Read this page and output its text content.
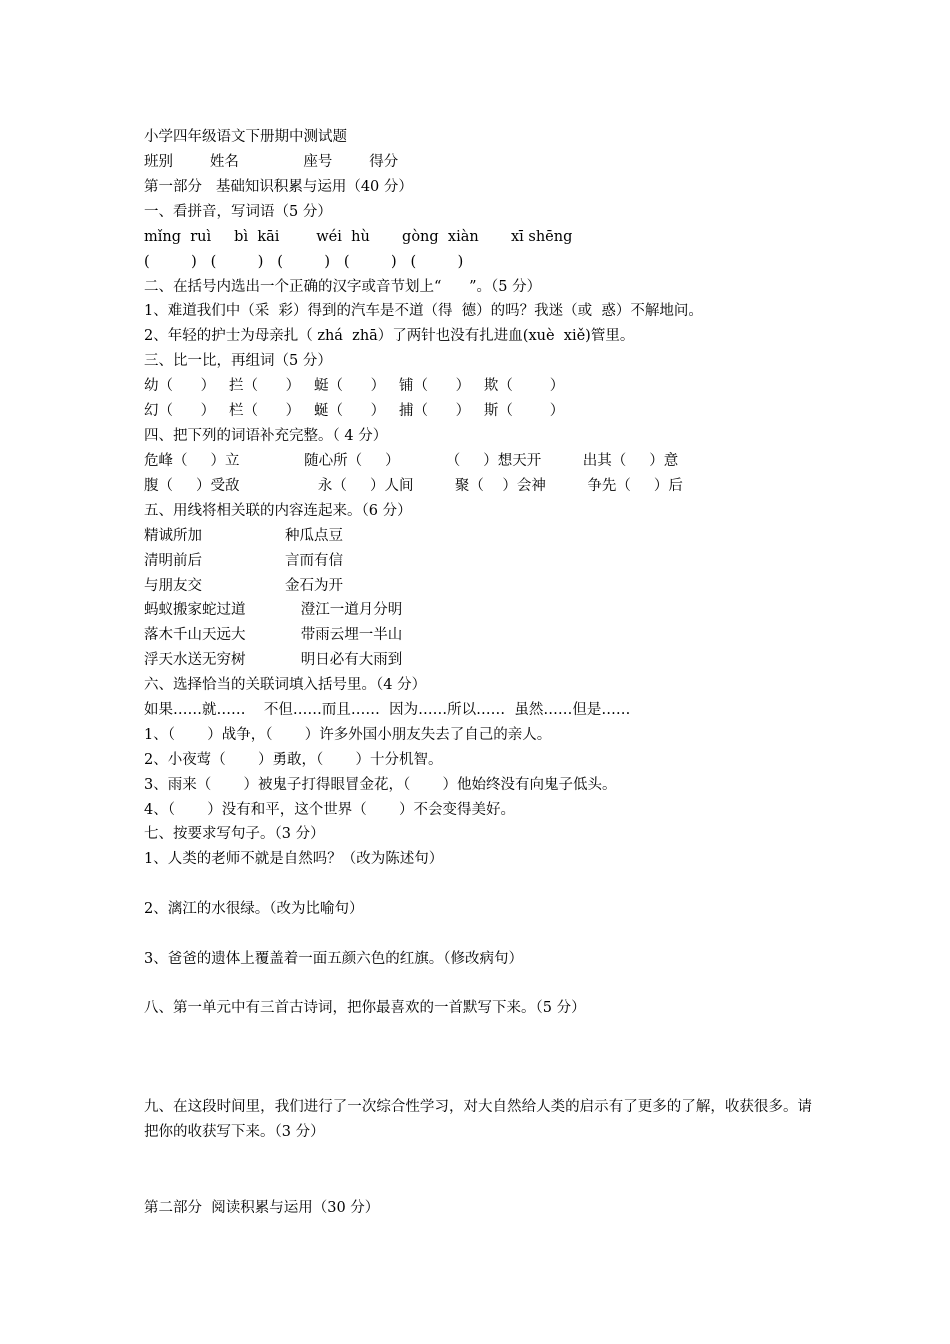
小学四年级语文下册期中测试题
班别        姓名              座号        得分
第一部分   基础知识积累与运用（40 分）
一、看拼音，写词语（5 分）
mǐng  ruì     bì  kāi        wéi  hù       gòng  xiàn       xī shēng
(         )   (         )   (         )   (         )   (         )
二、在括号内选出一个正确的汉字或音节划上“      ”。（5 分）
1、难道我们中（采  彩）得到的汽车是不道（得  德）的吗？我迷（或  惑）不解地问。
2、年轻的护士为母亲扎（ zhá  zhā）了两针也没有扎进血(xuè  xiě)管里。
三、比一比，再组词（5 分）
幼（      ）   拦（      ）   蜓（      ）   铺（      ）   欺（        ）
幻（      ）   栏（      ）   蜒（      ）   捕（      ）   斯（        ）
四、把下列的词语补充完整。（ 4 分）
危峰（     ）立              随心所（     ）          （     ）想天开         出其（     ）意
腹（     ）受敌                 永（     ）人间         聚（    ）会神         争先（     ）后
五、用线将相关联的内容连起来。（6 分）
精诚所加                  种瓜点豆
清明前后                  言而有信
与朋友交                  金石为开
蚂蚁搬家蛇过道            澄江一道月分明
落木千山天远大            带雨云埋一半山
浮天水送无穷树            明日必有大雨到
六、选择恰当的关联词填入括号里。（4 分）
如果……就……    不但……而且……  因为……所以……  虽然……但是……
1、（       ）战争，（       ）许多外国小朋友失去了自己的亲人。
2、小夜莺（       ）勇敢，（       ）十分机智。
3、雨来（       ）被鬼子打得眼冒金花，（       ）他始终没有向鬼子低头。
4、（       ）没有和平，这个世界（       ）不会变得美好。
七、按要求写句子。（3 分）
1、人类的老师不就是自然吗？（改为陈述句）
2、漓江的水很绿。（改为比喻句）
3、爸爸的遗体上覆盖着一面五颜六色的红旗。（修改病句）
八、第一单元中有三首古诗词，把你最喜欢的一首默写下来。（5 分）
九、在这段时间里，我们进行了一次综合性学习，对大自然给人类的启示有了更多的了解，收获很多。请把你的收获写下来。（3 分）
第二部分  阅读积累与运用（30 分）
